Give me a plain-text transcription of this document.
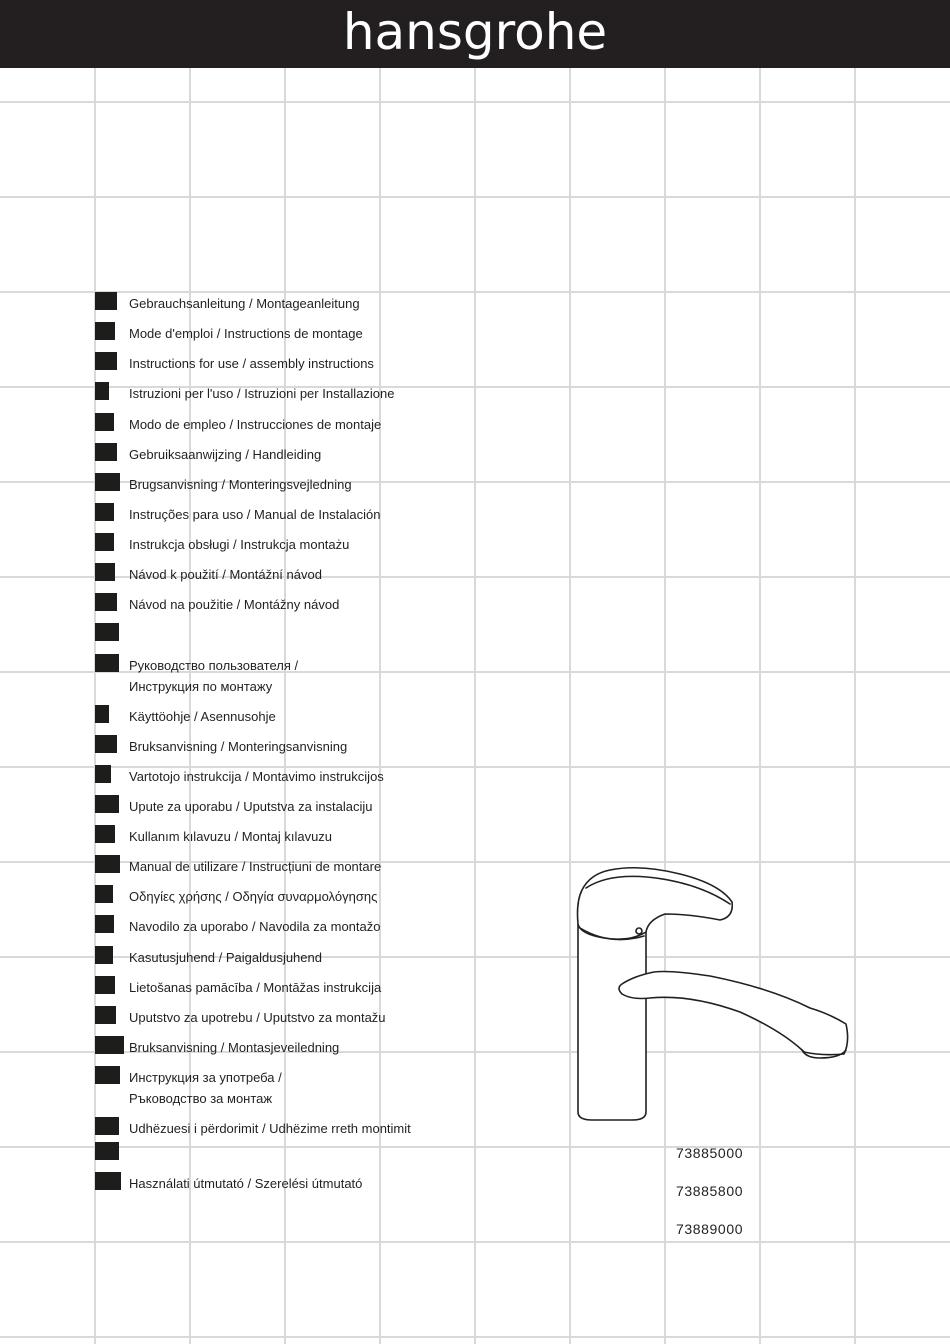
hansgrohe
Gebrauchsanleitung / Montageanleitung
Mode d'emploi / Instructions de montage
Instructions for use / assembly instructions
Istruzioni per l'uso / Istruzioni per Installazione
Modo de empleo / Instrucciones de montaje
Gebruiksaanwijzing / Handleiding
Brugsanvisning / Monteringsvejledning
Instruções para uso / Manual de Instalación
Instrukcja obsługi / Instrukcja montażu
Návod k použití / Montážní návod
Návod na použitie / Montážny návod
Руководство пользователя /
Инструкция по монтажу
Käyttöohje / Asennusohje
Bruksanvisning / Monteringsanvisning
Vartotojo instrukcija / Montavimo instrukcijos
Upute za uporabu / Uputstva za instalaciju
Kullanım kılavuzu / Montaj kılavuzu
Manual de utilizare / Instrucțiuni de montare
Οδηγίες χρήσης / Οδηγία συναρμολόγησης
Navodilo za uporabo / Navodila za montažo
Kasutusjuhend / Paigaldusjuhend
Lietošanas pamācība / Montāžas instrukcija
Uputstvo za upotrebu / Uputstvo za montažu
Bruksanvisning / Montasjeveiledning
Инструкция за употреба /
Ръководство за монтаж
Udhëzuesi i përdorimit / Udhëzime rreth montimit
Használati útmutató / Szerelési útmutató
73885000
73885800
73889000
